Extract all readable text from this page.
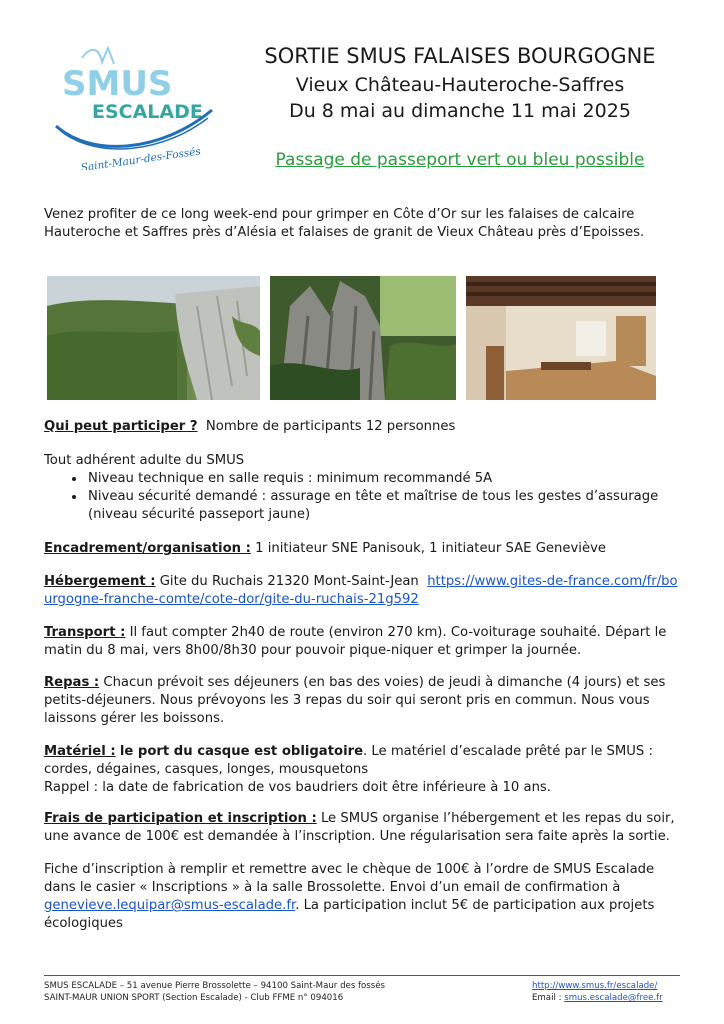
SMUS
ESCALADE
Saint-Maur-des-Fossés
SORTIE SMUS FALAISES BOURGOGNE
Vieux Château-Hauteroche-Saffres
Du 8 mai au dimanche 11 mai 2025
Passage de passeport vert ou bleu possible
Venez profiter de ce long week-end pour grimper en Côte d’Or sur les falaises de calcaire Hauteroche et Saffres près d’Alésia et falaises de granit de Vieux Château près d’Epoisses.
Qui peut participer ? Nombre de participants 12 personnes
Tout adhérent adulte du SMUS
• Niveau technique en salle requis : minimum recommandé 5A
• Niveau sécurité demandé : assurage en tête et maîtrise de tous les gestes d’assurage (niveau sécurité passeport jaune)
Encadrement/organisation : 1 initiateur SNE Panisouk, 1 initiateur SAE Geneviève
Hébergement : Gite du Ruchais 21320 Mont-Saint-Jean https://www.gites-de-france.com/fr/bourgogne-franche-comte/cote-dor/gite-du-ruchais-21g592
Transport : Il faut compter 2h40 de route (environ 270 km). Co-voiturage souhaité. Départ le matin du 8 mai, vers 8h00/8h30 pour pouvoir pique-niquer et grimper la journée.
Repas : Chacun prévoit ses déjeuners (en bas des voies) de jeudi à dimanche (4 jours) et ses petits-déjeuners. Nous prévoyons les 3 repas du soir qui seront pris en commun. Nous vous laissons gérer les boissons.
Matériel : le port du casque est obligatoire. Le matériel d’escalade prêté par le SMUS : cordes, dégaines, casques, longes, mousquetons
Rappel : la date de fabrication de vos baudriers doit être inférieure à 10 ans.
Frais de participation et inscription : Le SMUS organise l’hébergement et les repas du soir, une avance de 100€ est demandée à l’inscription. Une régularisation sera faite après la sortie.
Fiche d’inscription à remplir et remettre avec le chèque de 100€ à l’ordre de SMUS Escalade dans le casier « Inscriptions » à la salle Brossolette. Envoi d’un email de confirmation à genevieve.lequipar@smus-escalade.fr. La participation inclut 5€ de participation aux projets écologiques
SMUS ESCALADE – 51 avenue Pierre Brossolette – 94100 Saint-Maur des fossés
SAINT-MAUR UNION SPORT (Section Escalade) - Club FFME n° 094016
http://www.smus.fr/escalade/
Email : smus.escalade@free.fr
